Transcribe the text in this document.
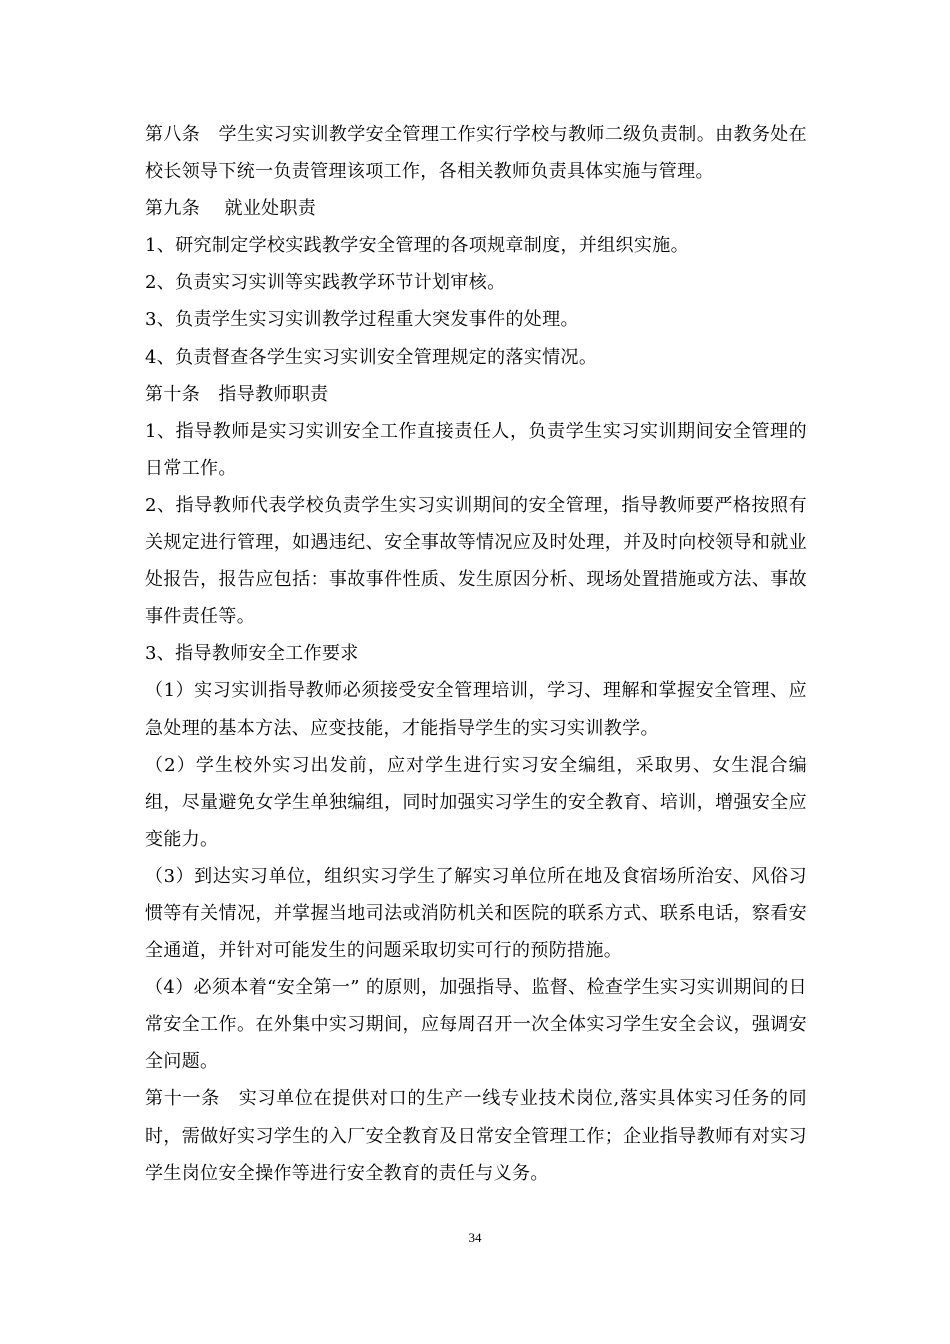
第八条　学生实习实训教学安全管理工作实行学校与教师二级负责制。由教务处在校长领导下统一负责管理该项工作，各相关教师负责具体实施与管理。

第九条　 就业处职责

1、研究制定学校实践教学安全管理的各项规章制度，并组织实施。

2、负责实习实训等实践教学环节计划审核。

3、负责学生实习实训教学过程重大突发事件的处理。

4、负责督查各学生实习实训安全管理规定的落实情况。

第十条　指导教师职责

1、指导教师是实习实训安全工作直接责任人，负责学生实习实训期间安全管理的日常工作。

2、指导教师代表学校负责学生实习实训期间的安全管理，指导教师要严格按照有关规定进行管理，如遇违纪、安全事故等情况应及时处理，并及时向校领导和就业处报告，报告应包括：事故事件性质、发生原因分析、现场处置措施或方法、事故事件责任等。

3、指导教师安全工作要求

（1）实习实训指导教师必须接受安全管理培训，学习、理解和掌握安全管理、应急处理的基本方法、应变技能，才能指导学生的实习实训教学。

（2）学生校外实习出发前，应对学生进行实习安全编组，采取男、女生混合编组，尽量避免女学生单独编组，同时加强实习学生的安全教育、培训，增强安全应变能力。

（3）到达实习单位，组织实习学生了解实习单位所在地及食宿场所治安、风俗习惯等有关情况，并掌握当地司法或消防机关和医院的联系方式、联系电话，察看安全通道，并针对可能发生的问题采取切实可行的预防措施。

（4）必须本着“安全第一” 的原则，加强指导、监督、检查学生实习实训期间的日常安全工作。在外集中实习期间，应每周召开一次全体实习学生安全会议，强调安全问题。

第十一条　实习单位在提供对口的生产一线专业技术岗位,落实具体实习任务的同时，需做好实习学生的入厂安全教育及日常安全管理工作；企业指导教师有对实习学生岗位安全操作等进行安全教育的责任与义务。

34
